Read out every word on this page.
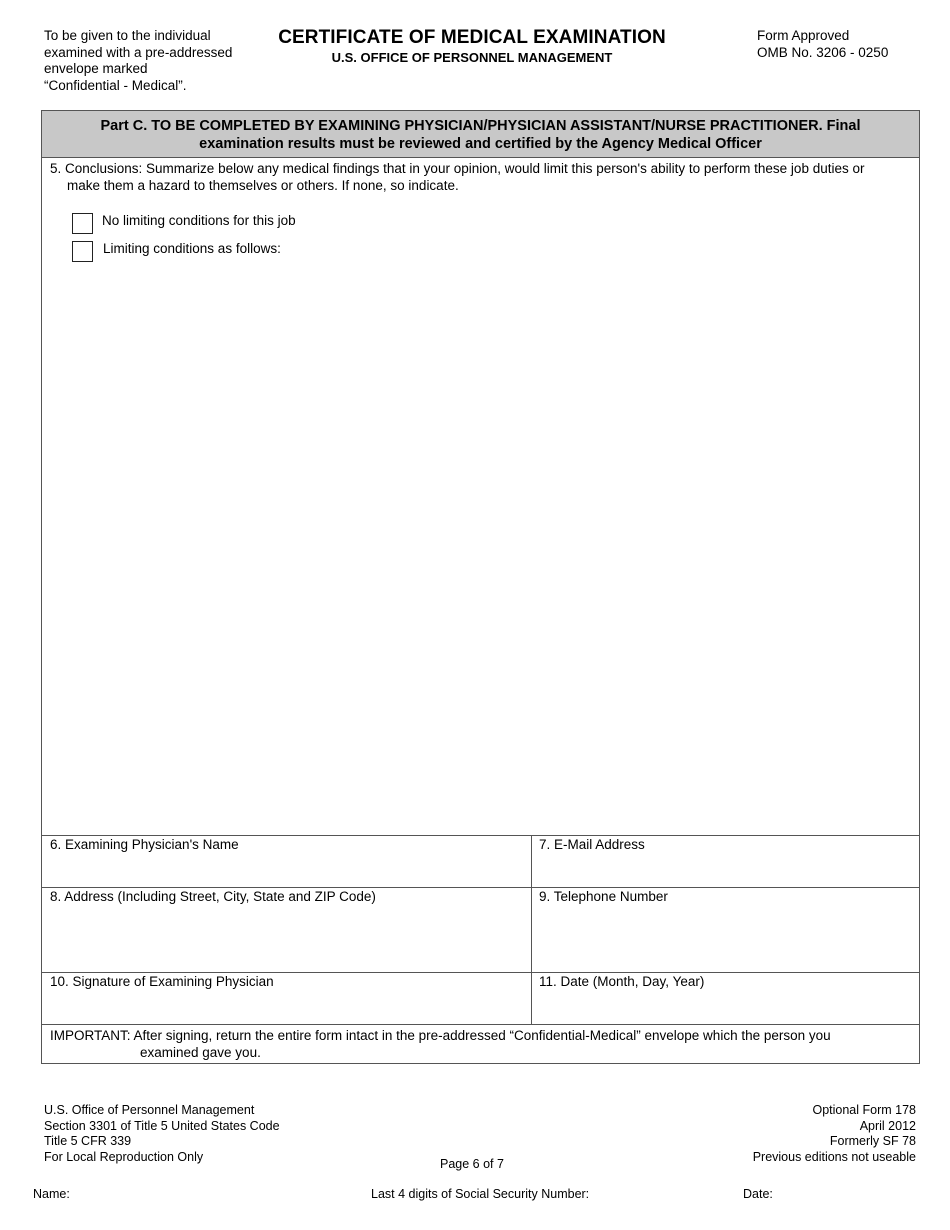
To be given to the individual
examined with a pre-addressed
envelope marked
“Confidential - Medical”.
CERTIFICATE OF MEDICAL EXAMINATION
U.S. OFFICE OF PERSONNEL MANAGEMENT
Form Approved
OMB No. 3206 - 0250
Part C. TO BE COMPLETED BY EXAMINING PHYSICIAN/PHYSICIAN ASSISTANT/NURSE PRACTITIONER. Final
examination results must be reviewed and certified by the Agency Medical Officer
5. Conclusions: Summarize below any medical findings that in your opinion, would limit this person's ability to perform these job duties or make them a hazard to themselves or others. If none, so indicate.
No limiting conditions for this job
Limiting conditions as follows:
6. Examining Physician's Name	7. E-Mail Address
8. Address (Including Street, City, State and ZIP Code)	9. Telephone Number
10. Signature of Examining Physician	11. Date (Month, Day, Year)
IMPORTANT: After signing, return the entire form intact in the pre-addressed “Confidential-Medical” envelope which the person you examined gave you.
U.S. Office of Personnel Management
Section 3301 of Title 5 United States Code
Title 5 CFR 339
For Local Reproduction Only
Optional Form 178
April 2012
Formerly SF 78
Previous editions not useable
Page 6 of 7
Name:	Last 4 digits of Social Security Number:	Date:
